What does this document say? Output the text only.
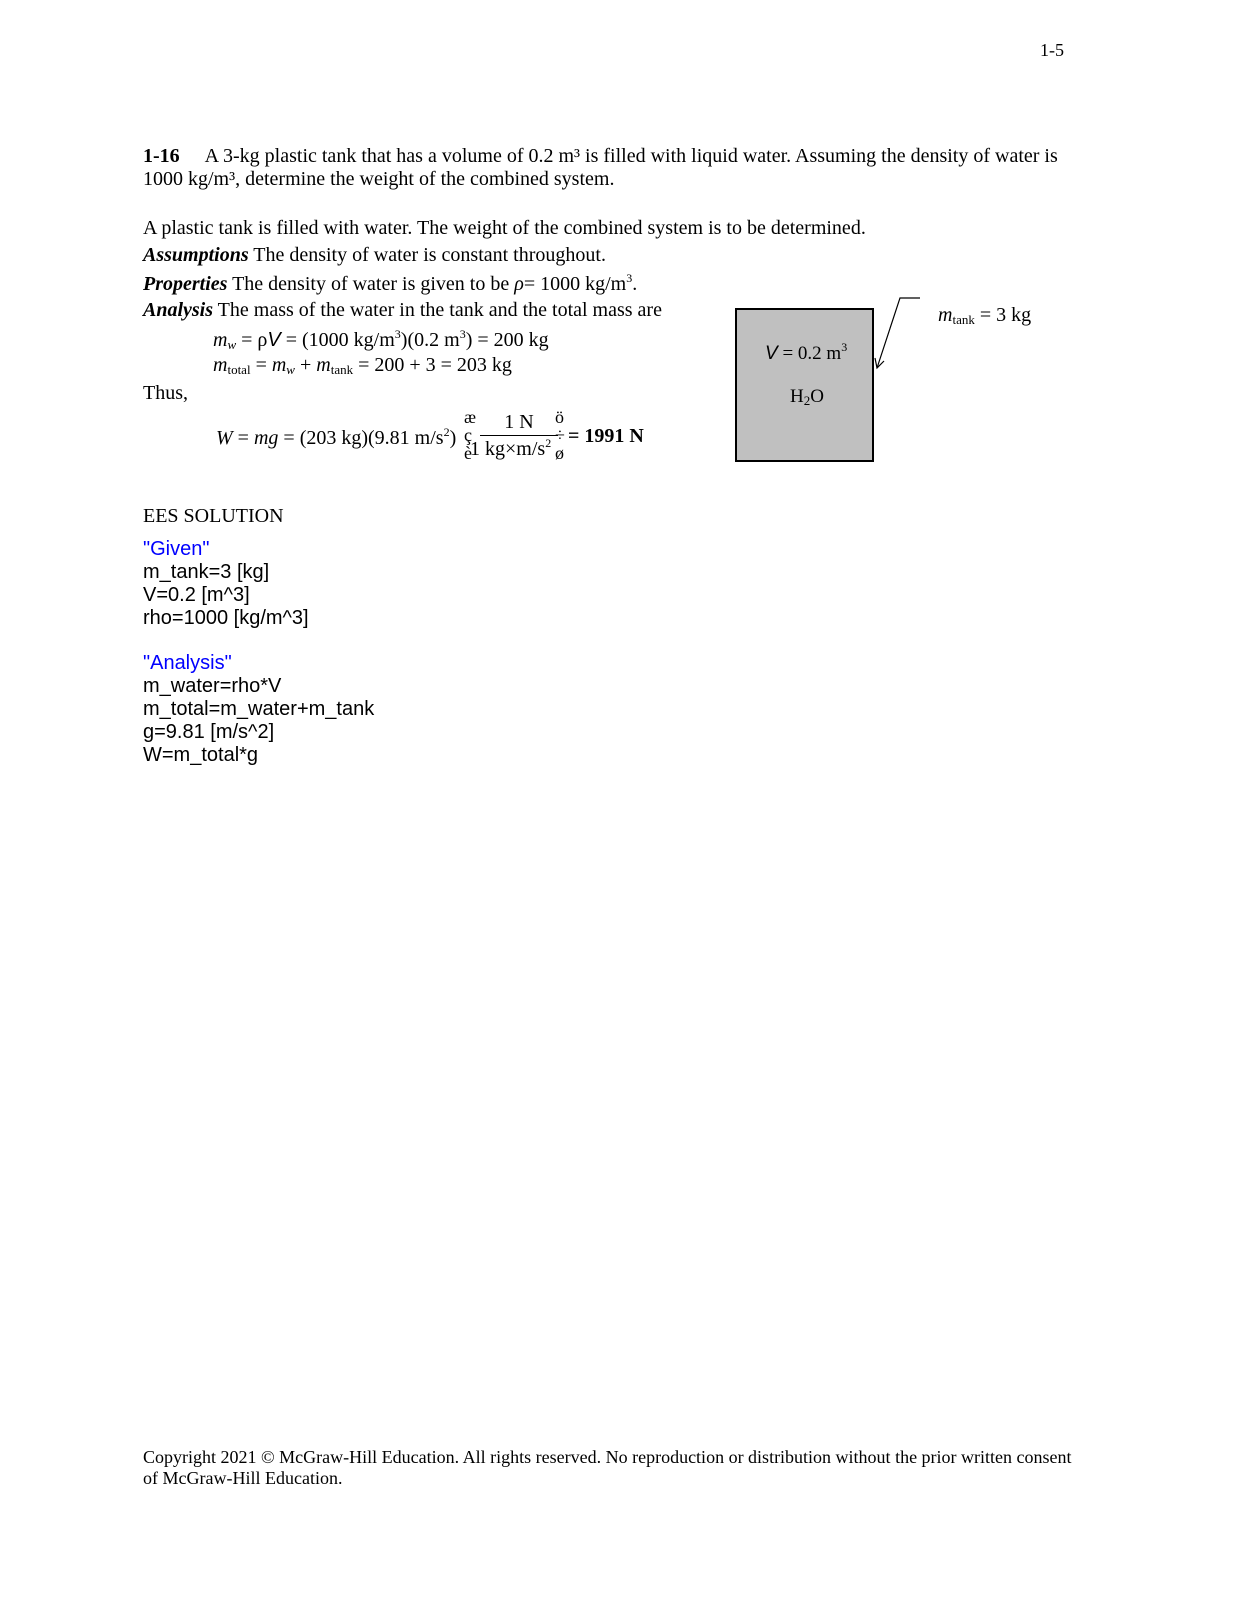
1-5
1-16 A 3-kg plastic tank that has a volume of 0.2 m³ is filled with liquid water. Assuming the density of water is 1000 kg/m³, determine the weight of the combined system.
A plastic tank is filled with water. The weight of the combined system is to be determined.
Assumptions The density of water is constant throughout.
Properties The density of water is given to be ρ= 1000 $kg/m^3$.
Analysis The mass of the water in the tank and the total mass are
$m_w = \rho V = (1000$ $kg/m^3)(0.2$ $m^3) = 200$ kg
$m_{total} = m_w + m_{tank} = 200 + 3 = 203$ kg
Thus,
W = mg = (203 kg)(9.81 $m/s^2$)
æ
ç
è
1 N
1 $kg\times m/s^2$
ö
÷
ø
= 1991 N
V = 0.2 $m^3$
$H_2O$
$m_{tank} = 3$ kg
EES SOLUTION
"Given"
m_tank=3 [kg]
V=0.2 [m^3]
rho=1000 [kg/m^3]
"Analysis"
m_water=rho*V
m_total=m_water+m_tank
g=9.81 [m/s^2]
W=m_total*g
Copyright 2021 © McGraw-Hill Education. All rights reserved. No reproduction or distribution without the prior written consent of McGraw-Hill Education.
